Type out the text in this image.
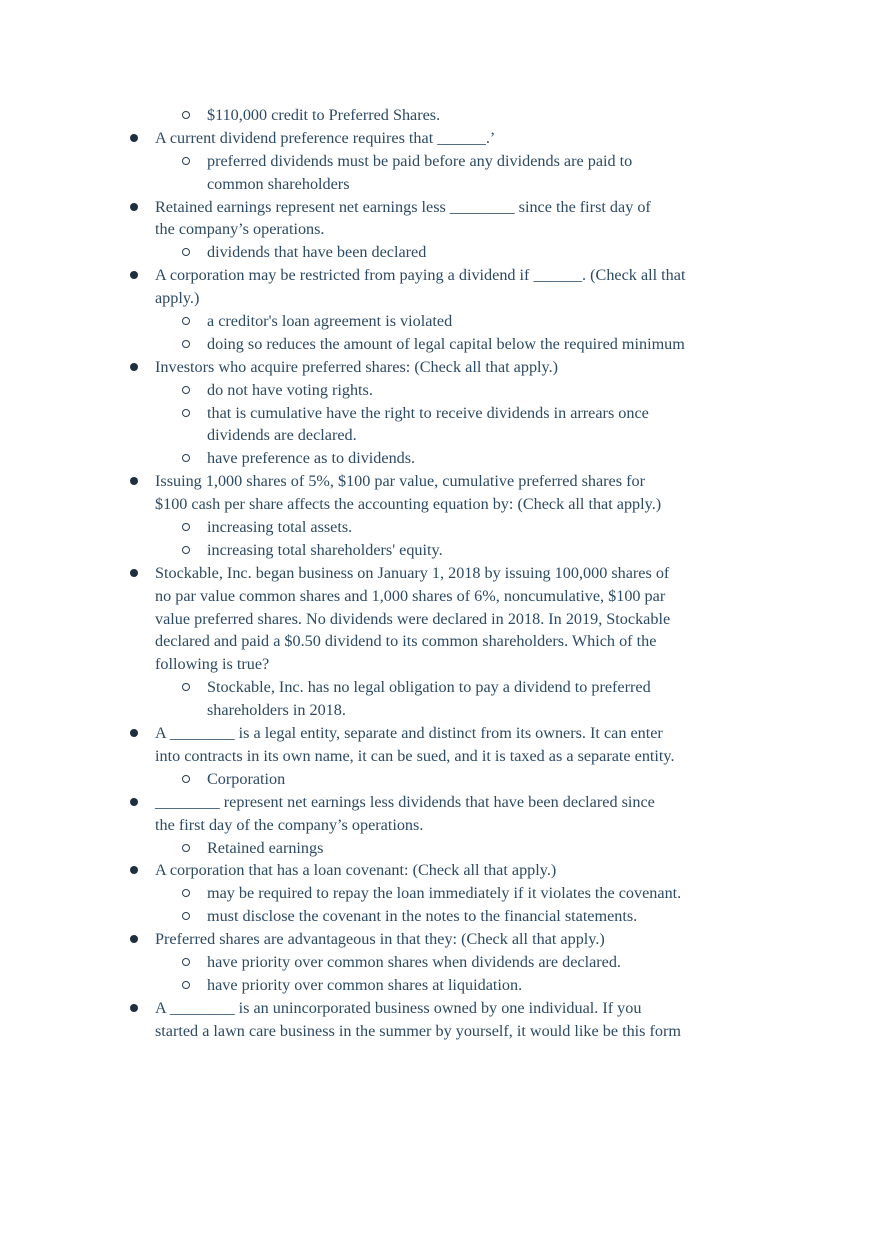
$110,000 credit to Preferred Shares.
A current dividend preference requires that ______.’
preferred dividends must be paid before any dividends are paid to
common shareholders
Retained earnings represent net earnings less ________ since the first day of
the company’s operations.
dividends that have been declared
A corporation may be restricted from paying a dividend if ______. (Check all that
apply.)
a creditor's loan agreement is violated
doing so reduces the amount of legal capital below the required minimum
Investors who acquire preferred shares: (Check all that apply.)
do not have voting rights.
that is cumulative have the right to receive dividends in arrears once
dividends are declared.
have preference as to dividends.
Issuing 1,000 shares of 5%, $100 par value, cumulative preferred shares for
$100 cash per share affects the accounting equation by: (Check all that apply.)
increasing total assets.
increasing total shareholders' equity.
Stockable, Inc. began business on January 1, 2018 by issuing 100,000 shares of
no par value common shares and 1,000 shares of 6%, noncumulative, $100 par
value preferred shares. No dividends were declared in 2018. In 2019, Stockable
declared and paid a $0.50 dividend to its common shareholders. Which of the
following is true?
Stockable, Inc. has no legal obligation to pay a dividend to preferred
shareholders in 2018.
A ________ is a legal entity, separate and distinct from its owners. It can enter
into contracts in its own name, it can be sued, and it is taxed as a separate entity.
Corporation
________ represent net earnings less dividends that have been declared since
the first day of the company’s operations.
Retained earnings
A corporation that has a loan covenant: (Check all that apply.)
may be required to repay the loan immediately if it violates the covenant.
must disclose the covenant in the notes to the financial statements.
Preferred shares are advantageous in that they: (Check all that apply.)
have priority over common shares when dividends are declared.
have priority over common shares at liquidation.
A ________ is an unincorporated business owned by one individual. If you
started a lawn care business in the summer by yourself, it would like be this form
